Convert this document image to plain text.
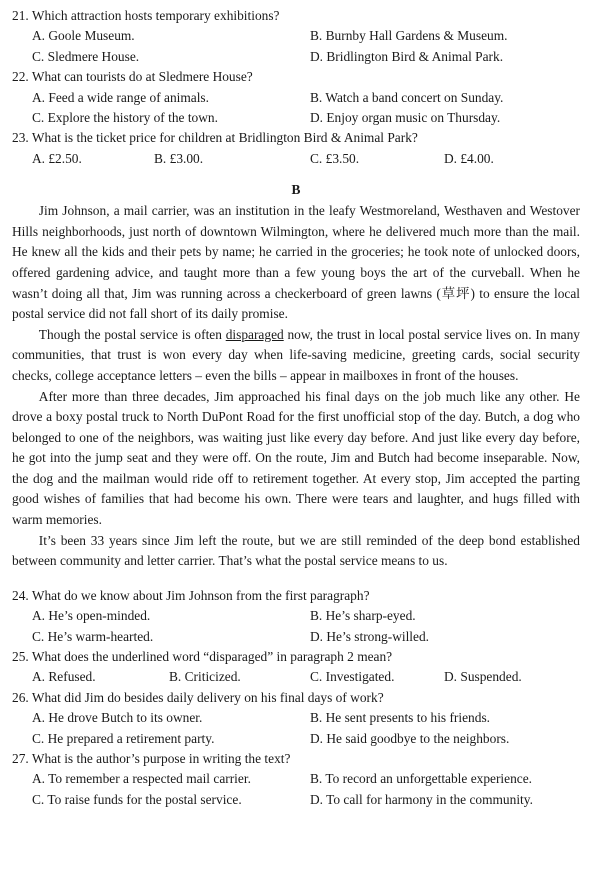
21. Which attraction hosts temporary exhibitions?
A. Goole Museum.	B. Burnby Hall Gardens & Museum.
C. Sledmere House.	D. Bridlington Bird & Animal Park.
22. What can tourists do at Sledmere House?
A. Feed a wide range of animals.	B. Watch a band concert on Sunday.
C. Explore the history of the town.	D. Enjoy organ music on Thursday.
23. What is the ticket price for children at Bridlington Bird & Animal Park?
A. £2.50.	B. £3.00.	C. £3.50.	D. £4.00.
B

Jim Johnson, a mail carrier, was an institution in the leafy Westmoreland, Westhaven and Westover Hills neighborhoods, just north of downtown Wilmington, where he delivered much more than the mail. He knew all the kids and their pets by name; he carried in the groceries; he took note of unlocked doors, offered gardening advice, and taught more than a few young boys the art of the curveball. When he wasn’t doing all that, Jim was running across a checkerboard of green lawns (草坪) to ensure the local postal service did not fall short of its daily promise.

Though the postal service is often disparaged now, the trust in local postal service lives on. In many communities, that trust is won every day when life-saving medicine, greeting cards, social security checks, college acceptance letters – even the bills – appear in mailboxes in front of the houses.

After more than three decades, Jim approached his final days on the job much like any other. He drove a boxy postal truck to North DuPont Road for the first unofficial stop of the day. Butch, a dog who belonged to one of the neighbors, was waiting just like every day before. And just like every day before, he got into the jump seat and they were off. On the route, Jim and Butch had become inseparable. Now, the dog and the mailman would ride off to retirement together. At every stop, Jim accepted the parting good wishes of families that had become his own. There were tears and laughter, and hugs filled with warm memories.

It’s been 33 years since Jim left the route, but we are still reminded of the deep bond established between community and letter carrier. That’s what the postal service means to us.

24. What do we know about Jim Johnson from the first paragraph?
A. He’s open-minded.	B. He’s sharp-eyed.
C. He’s warm-hearted.	D. He’s strong-willed.
25. What does the underlined word “disparaged” in paragraph 2 mean?
A. Refused.	B. Criticized.	C. Investigated.	D. Suspended.
26. What did Jim do besides daily delivery on his final days of work?
A. He drove Butch to its owner.	B. He sent presents to his friends.
C. He prepared a retirement party.	D. He said goodbye to the neighbors.
27. What is the author’s purpose in writing the text?
A. To remember a respected mail carrier.	B. To record an unforgettable experience.
C. To raise funds for the postal service.	D. To call for harmony in the community.
